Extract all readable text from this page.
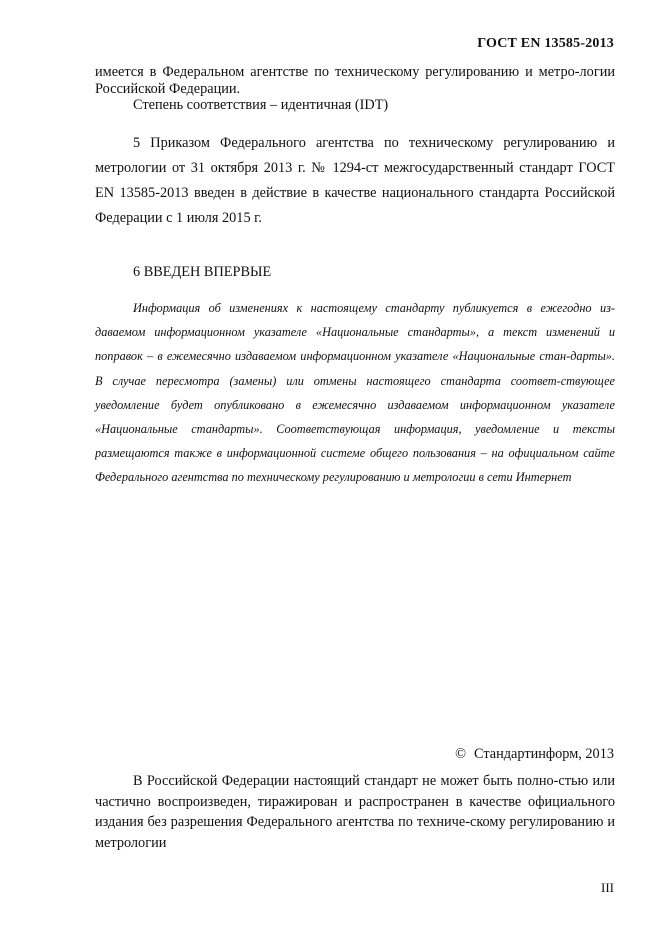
ГОСТ EN 13585-2013

имеется в Федеральном агентстве по техническому регулированию и метро-логии Российской Федерации.

Степень соответствия – идентичная (IDT)

5 Приказом Федерального агентства по техническому регулированию и метрологии от 31 октября 2013 г. № 1294-ст межгосударственный стандарт ГОСТ EN 13585-2013 введен в действие в качестве национального стандарта Российской Федерации с 1 июля 2015 г.

6 ВВЕДЕН ВПЕРВЫЕ

Информация об изменениях к настоящему стандарту публикуется в ежегодно из-даваемом информационном указателе «Национальные стандарты», а текст изменений и поправок – в ежемесячно издаваемом информационном указателе «Национальные стан-дарты». В случае пересмотра (замены) или отмены настоящего стандарта соответ-ствующее уведомление будет опубликовано в ежемесячно издаваемом информационном указателе «Национальные стандарты». Соответствующая информация, уведомление и тексты размещаются также в информационной системе общего пользования – на официальном сайте Федерального агентства по техническому регулированию и метрологии в сети Интернет

© Стандартинформ, 2013

В Российской Федерации настоящий стандарт не может быть полно-стью или частично воспроизведен, тиражирован и распространен в качестве официального издания без разрешения Федерального агентства по техниче-скому регулированию и метрологии

III
